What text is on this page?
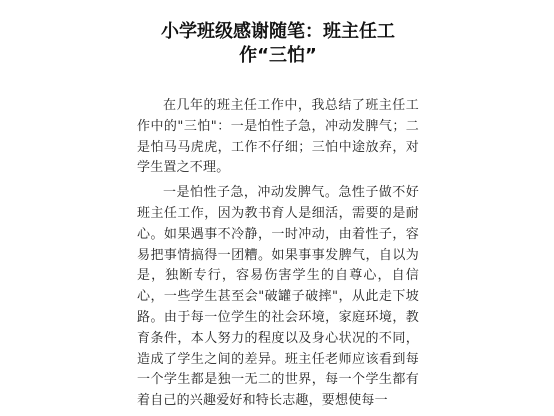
小学班级感谢随笔：班主任工作“三怕”

在几年的班主任工作中，我总结了班主任工作中的"三怕"：一是怕性子急，冲动发脾气；二是怕马马虎虎，工作不仔细；三怕中途放弃，对学生置之不理。

一是怕性子急，冲动发脾气。急性子做不好班主任工作，因为教书育人是细活，需要的是耐心。如果遇事不冷静，一时冲动，由着性子，容易把事情搞得一团糟。如果事事发脾气，自以为是，独断专行，容易伤害学生的自尊心，自信心，一些学生甚至会"破罐子破摔"，从此走下坡路。由于每一位学生的社会环境，家庭环境，教育条件，本人努力的程度以及身心状况的不同，造成了学生之间的差异。班主任老师应该看到每一个学生都是独一无二的世界，每一个学生都有着自己的兴趣爱好和特长志趣，要想使每一
